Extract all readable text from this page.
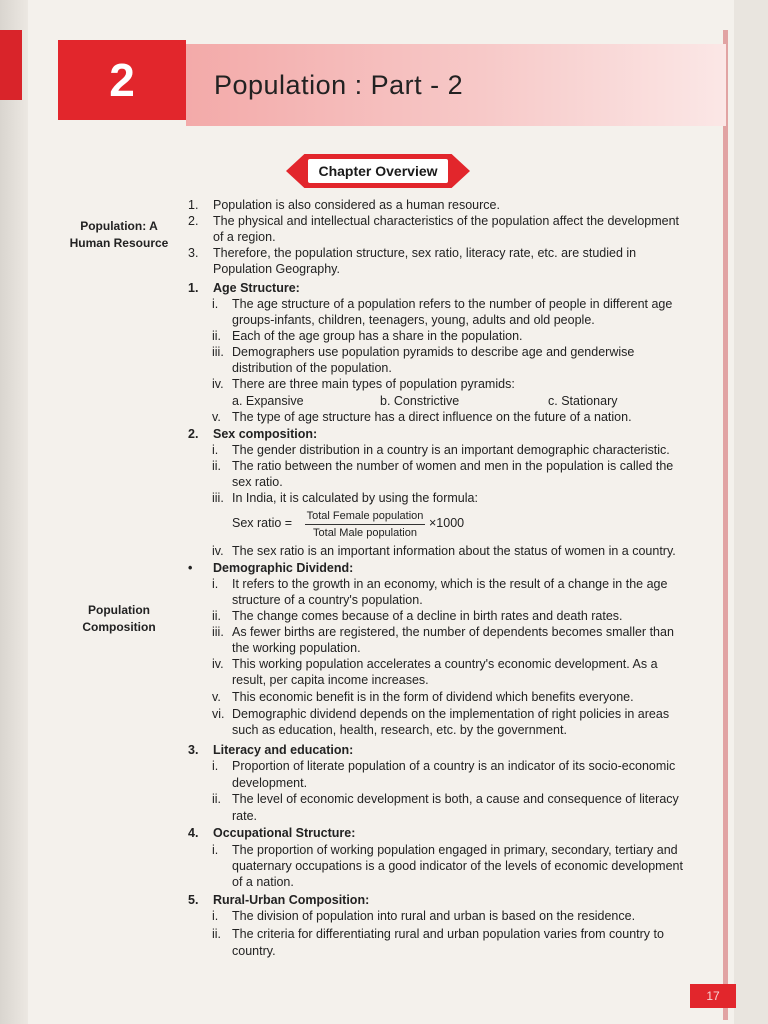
2	Population : Part - 2
Chapter Overview
Population: A
Human Resource
Population
Composition
1. Population is also considered as a human resource.
2. The physical and intellectual characteristics of the population affect the development
of a region.
3. Therefore, the population structure, sex ratio, literacy rate, etc. are studied in
Population Geography.
1. Age Structure:
i. The age structure of a population refers to the number of people in different age
groups-infants, children, teenagers, young, adults and old people.
ii. Each of the age group has a share in the population.
iii. Demographers use population pyramids to describe age and genderwise
distribution of the population.
iv. There are three main types of population pyramids:
a. Expansive	b. Constrictive	c. Stationary
v. The type of age structure has a direct influence on the future of a nation.
2. Sex composition:
i. The gender distribution in a country is an important demographic characteristic.
ii. The ratio between the number of women and men in the population is called the
sex ratio.
iii. In India, it is calculated by using the formula:
Sex ratio = Total Female population
Total Male population
×1000
iv. The sex ratio is an important information about the status of women in a country.
• Demographic Dividend:
i. It refers to the growth in an economy, which is the result of a change in the age
structure of a country's population.
ii. The change comes because of a decline in birth rates and death rates.
iii. As fewer births are registered, the number of dependents becomes smaller than
the working population.
iv. This working population accelerates a country's economic development. As a
result, per capita income increases.
v. This economic benefit is in the form of dividend which benefits everyone.
vi. Demographic dividend depends on the implementation of right policies in areas
such as education, health, research, etc. by the government.
3. Literacy and education:
i. Proportion of literate population of a country is an indicator of its socio-economic
development.
ii. The level of economic development is both, a cause and consequence of literacy
rate.
4. Occupational Structure:
i. The proportion of working population engaged in primary, secondary, tertiary and
quaternary occupations is a good indicator of the levels of economic development
of a nation.
5. Rural-Urban Composition:
i. The division of population into rural and urban is based on the residence.
ii. The criteria for differentiating rural and urban population varies from country to
country.
17
